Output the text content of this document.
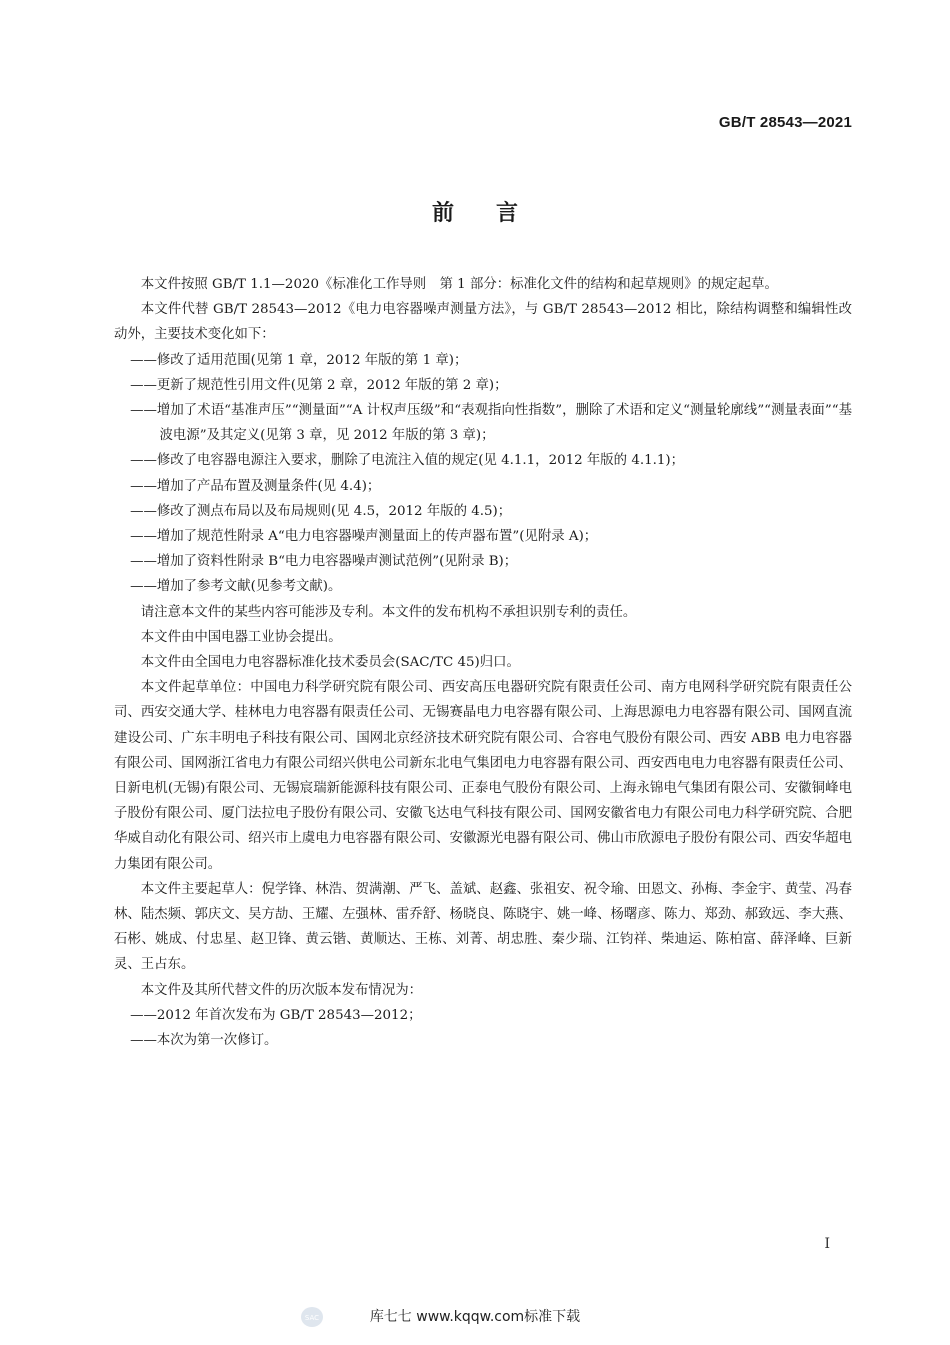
GB/T 28543—2021
前言

本文件按照 GB/T 1.1—2020《标准化工作导则　第 1 部分：标准化文件的结构和起草规则》的规定起草。

本文件代替 GB/T 28543—2012《电力电容器噪声测量方法》，与 GB/T 28543—2012 相比，除结构调整和编辑性改动外，主要技术变化如下：

——修改了适用范围(见第 1 章，2012 年版的第 1 章)；

——更新了规范性引用文件(见第 2 章，2012 年版的第 2 章)；

——增加了术语“基准声压”“测量面”“A 计权声压级”和“表观指向性指数”，删除了术语和定义“测量轮廓线”“测量表面”“基波电源”及其定义(见第 3 章，见 2012 年版的第 3 章)；

——修改了电容器电源注入要求，删除了电流注入值的规定(见 4.1.1，2012 年版的 4.1.1)；

——增加了产品布置及测量条件(见 4.4)；

——修改了测点布局以及布局规则(见 4.5，2012 年版的 4.5)；

——增加了规范性附录 A“电力电容器噪声测量面上的传声器布置”(见附录 A)；

——增加了资料性附录 B“电力电容器噪声测试范例”(见附录 B)；

——增加了参考文献(见参考文献)。

请注意本文件的某些内容可能涉及专利。本文件的发布机构不承担识别专利的责任。

本文件由中国电器工业协会提出。

本文件由全国电力电容器标准化技术委员会(SAC/TC 45)归口。

本文件起草单位：中国电力科学研究院有限公司、西安高压电器研究院有限责任公司、南方电网科学研究院有限责任公司、西安交通大学、桂林电力电容器有限责任公司、无锡赛晶电力电容器有限公司、上海思源电力电容器有限公司、国网直流建设公司、广东丰明电子科技有限公司、国网北京经济技术研究院有限公司、合容电气股份有限公司、西安 ABB 电力电容器有限公司、国网浙江省电力有限公司绍兴供电公司新东北电气集团电力电容器有限公司、西安西电电力电容器有限责任公司、日新电机(无锡)有限公司、无锡宸瑞新能源科技有限公司、正泰电气股份有限公司、上海永锦电气集团有限公司、安徽铜峰电子股份有限公司、厦门法拉电子股份有限公司、安徽飞达电气科技有限公司、国网安徽省电力有限公司电力科学研究院、合肥华威自动化有限公司、绍兴市上虞电力电容器有限公司、安徽源光电器有限公司、佛山市欣源电子股份有限公司、西安华超电力集团有限公司。

本文件主要起草人：倪学锋、林浩、贺满潮、严飞、盖斌、赵鑫、张祖安、祝令瑜、田恩文、孙梅、李金宇、黄莹、冯春林、陆杰频、郭庆文、吴方劼、王耀、左强林、雷乔舒、杨晓良、陈晓宇、姚一峰、杨曙彦、陈力、郑劲、郝致远、李大燕、石彬、姚成、付忠星、赵卫锋、黄云锴、黄顺达、王栋、刘菁、胡忠胜、秦少瑞、江钧祥、柴迪运、陈柏富、薛泽峰、巨新灵、王占东。

本文件及其所代替文件的历次版本发布情况为：

——2012 年首次发布为 GB/T 28543—2012；

——本次为第一次修订。

I
SAC	库七七 www.kqqw.com标准下载
